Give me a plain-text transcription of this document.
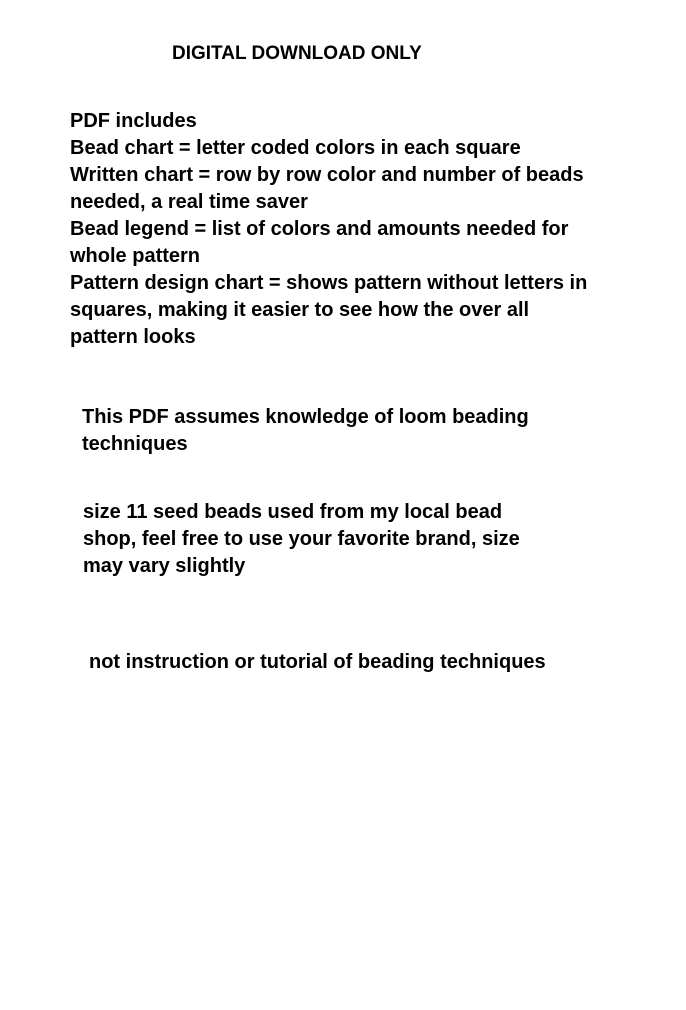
DIGITAL DOWNLOAD ONLY
PDF includes
Bead chart = letter coded colors in each square
Written chart = row by row color and number of beads
needed, a real time saver
Bead legend = list of colors and amounts needed for
whole pattern
Pattern design chart = shows pattern without letters in
squares, making it easier to see how the over all
pattern looks
This PDF assumes knowledge of loom beading
techniques
size 11 seed beads used from my local bead
shop, feel free to use your favorite brand, size
may vary slightly
not instruction or tutorial of beading techniques
